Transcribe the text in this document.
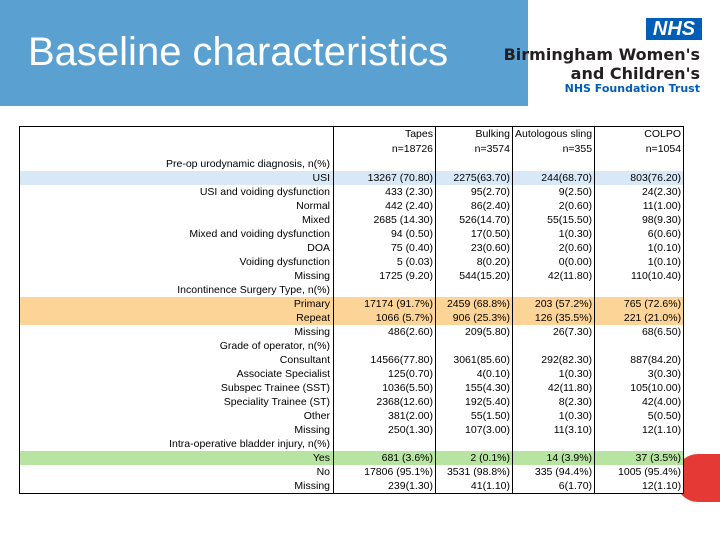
Baseline characteristics
NHS
Birmingham Women's
and Children's
NHS Foundation Trust
	Tapes	Bulking	Autologous sling	COLPO
	n=18726	n=3574	n=355	n=1054
Pre-op urodynamic diagnosis, n(%)				
USI	13267 (70.80)	2275(63.70)	244(68.70)	803(76.20)
USI and voiding dysfunction	433 (2.30)	95(2.70)	9(2.50)	24(2.30)
Normal	442 (2.40)	86(2.40)	2(0.60)	11(1.00)
Mixed	2685 (14.30)	526(14.70)	55(15.50)	98(9.30)
Mixed and voiding dysfunction	94 (0.50)	17(0.50)	1(0.30)	6(0.60)
DOA	75 (0.40)	23(0.60)	2(0.60)	1(0.10)
Voiding dysfunction	5 (0.03)	8(0.20)	0(0.00)	1(0.10)
Missing	1725 (9.20)	544(15.20)	42(11.80)	110(10.40)
Incontinence Surgery Type, n(%)				
Primary	17174 (91.7%)	2459 (68.8%)	203 (57.2%)	765 (72.6%)
Repeat	1066 (5.7%)	906 (25.3%)	126 (35.5%)	221 (21.0%)
Missing	486(2.60)	209(5.80)	26(7.30)	68(6.50)
Grade of operator, n(%)				
Consultant	14566(77.80)	3061(85.60)	292(82.30)	887(84.20)
Associate Specialist	125(0.70)	4(0.10)	1(0.30)	3(0.30)
Subspec Trainee (SST)	1036(5.50)	155(4.30)	42(11.80)	105(10.00)
Speciality Trainee (ST)	2368(12.60)	192(5.40)	8(2.30)	42(4.00)
Other	381(2.00)	55(1.50)	1(0.30)	5(0.50)
Missing	250(1.30)	107(3.00)	11(3.10)	12(1.10)
Intra-operative bladder injury, n(%)				
Yes	681 (3.6%)	2 (0.1%)	14 (3.9%)	37 (3.5%)
No	17806 (95.1%)	3531 (98.8%)	335 (94.4%)	1005 (95.4%)
Missing	239(1.30)	41(1.10)	6(1.70)	12(1.10)
